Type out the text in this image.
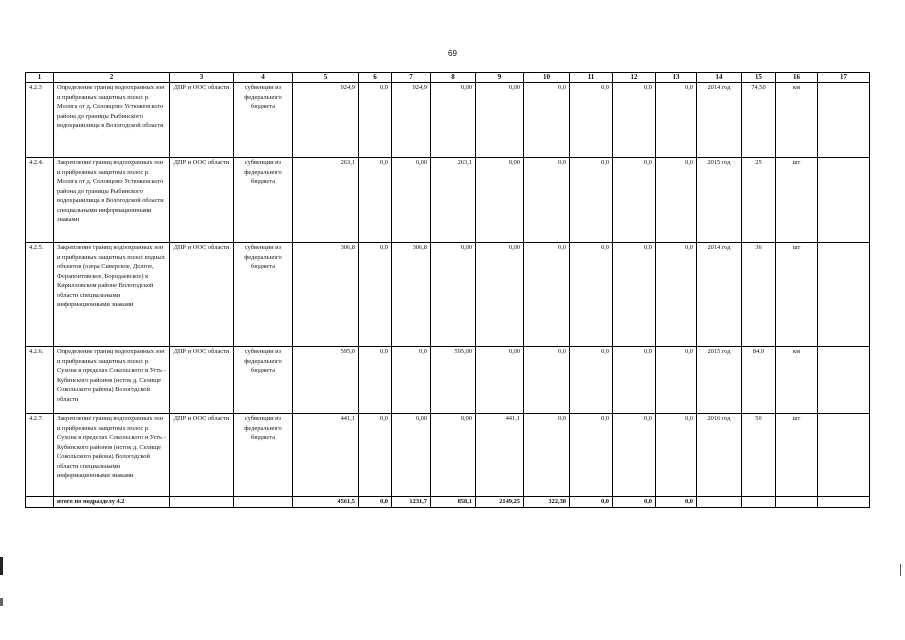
69
1	2	3	4	5	6	7	8	9	10	11	12	13	14	15	16	17
4.2.3	Определение границ водоохранных зон и прибрежных защитных полос р. Молога от д. Соловцово Устюженского района до границы Рыбинского водохранилища в Вологодской области	ДПР и ООС области	субвенции из федерального бюджета	924,9	0,0	924,9	0,00	0,00	0,0	0,0	0,0	0,0	2014 год	74,50	км	
4.2.4.	Закрепление границ водоохранных зон и прибрежных защитных полос р. Молога от д. Соловцово Устюженского района до границы Рыбинского водохранилища в Вологодской области специальными информационными знаками	ДПР и ООС области	субвенции из федерального бюджета	263,1	0,0	0,00	263,1	0,00	0,0	0,0	0,0	0,0	2015 год	25	шт	
4.2.5.	Закрепление границ водоохранных зон и прибрежных защитных полос водных объектов (озера Сиверское, Долгое, Ферапонтовское, Бородаевское) в Кирилловском районе Вологодской области специальными информационными знаками	ДПР и ООС области	субвенции из федерального бюджета	306,8	0,0	306,8	0,00	0,00	0,0	0,0	0,0	0,0	2014 год	36	шт	
4.2.6.	Определение границ водоохранных зон и прибрежных защитных полос р. Сухона в пределах Сокольского и Усть - Кубинского районов (исток д. Селище Сокольского района) Вологодской области	ДПР и ООС области	субвенции из федерального бюджета	595,0	0,0	0,0	595,00	0,00	0,0	0,0	0,0	0,0	2015 год	84,9	км	
4.2.7.	Закрепление границ водоохранных зон и прибрежных защитных полос р. Сухона в пределах Сокольского и Усть - Кубинского районов (исток д. Селище Сокольского района) Вологодской области специальными информационными знаками	ДПР и ООС области	субвенции из федерального бюджета	441,1	0,0	0,00	0,00	441,1	0,0	0,0	0,0	0,0	2016 год	50	шт	
	итого по подразделу 4.2			4561,5	0,0	1231,7	858,1	2149,25	322,38	0,0	0,0	0,0				
